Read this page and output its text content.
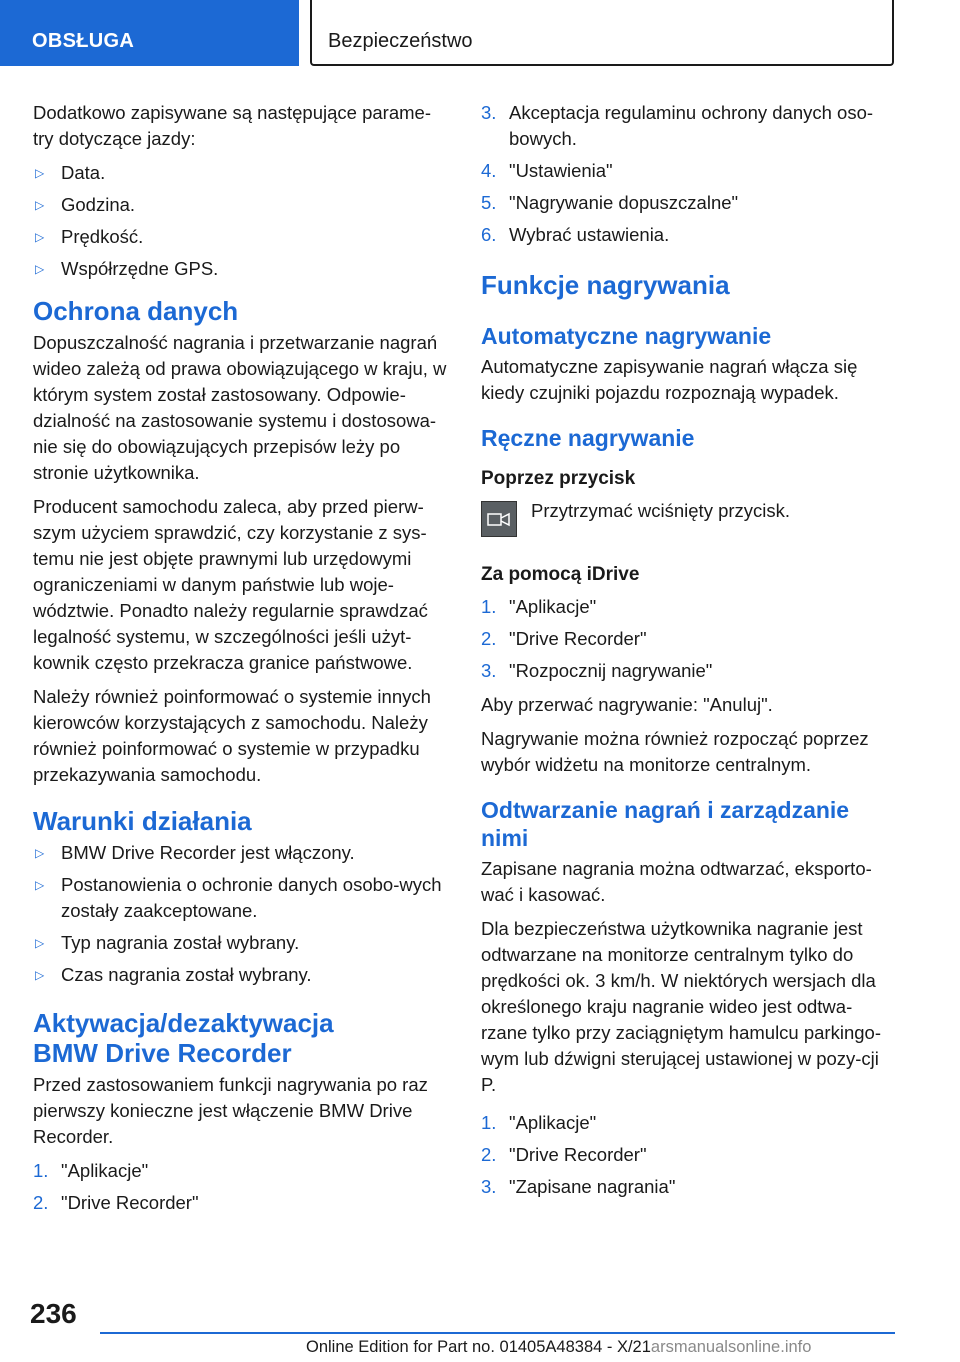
OBSŁUGA	Bezpieczeństwo

Dodatkowo zapisywane są następujące parame-try dotyczące jazdy:

▷ Data.
▷ Godzina.
▷ Prędkość.
▷ Współrzędne GPS.
Ochrona danych

Dopuszczalność nagrania i przetwarzanie nagrań wideo zależą od prawa obowiązującego w kraju, w którym system został zastosowany. Odpowie-dzialność na zastosowanie systemu i dostosowa-nie się do obowiązujących przepisów leży po stronie użytkownika.

Producent samochodu zaleca, aby przed pierw-szym użyciem sprawdzić, czy korzystanie z sys-temu nie jest objęte prawnymi lub urzędowymi ograniczeniami w danym państwie lub woje-wództwie. Ponadto należy regularnie sprawdzać legalność systemu, w szczególności jeśli użyt-kownik często przekracza granice państwowe.

Należy również poinformować o systemie innych kierowców korzystających z samochodu. Należy również poinformować o systemie w przypadku przekazywania samochodu.

Warunki działania
▷ BMW Drive Recorder jest włączony.
▷ Postanowienia o ochronie danych osobo-wych zostały zaakceptowane.
▷ Typ nagrania został wybrany.
▷ Czas nagrania został wybrany.
Aktywacja/dezaktywacja
BMW Drive Recorder

Przed zastosowaniem funkcji nagrywania po raz pierwszy konieczne jest włączenie BMW Drive Recorder.

1. "Aplikacje"
2. "Drive Recorder"
3. Akceptacja regulaminu ochrony danych oso-bowych.
4. "Ustawienia"
5. "Nagrywanie dopuszczalne"
6. Wybrać ustawienia.
Funkcje nagrywania
Automatyczne nagrywanie

Automatyczne zapisywanie nagrań włącza się kiedy czujniki pojazdu rozpoznają wypadek.

Ręczne nagrywanie
Poprzez przycisk

Przytrzymać wciśnięty przycisk.

Za pomocą iDrive
1. "Aplikacje"
2. "Drive Recorder"
3. "Rozpocznij nagrywanie"

Aby przerwać nagrywanie: "Anuluj".

Nagrywanie można również rozpocząć poprzez wybór widżetu na monitorze centralnym.

Odtwarzanie nagrań i zarządzanie nimi

Zapisane nagrania można odtwarzać, eksporto-wać i kasować.

Dla bezpieczeństwa użytkownika nagranie jest odtwarzane na monitorze centralnym tylko do prędkości ok. 3 km/h. W niektórych wersjach dla określonego kraju nagranie wideo jest odtwa-rzane tylko przy zaciągniętym hamulcu parkingo-wym lub dźwigni sterującej ustawionej w pozy-cji P.

1. "Aplikacje"
2. "Drive Recorder"
3. "Zapisane nagrania"
236
Online Edition for Part no. 01405A48384 - X/21arsmanualsonline.info
